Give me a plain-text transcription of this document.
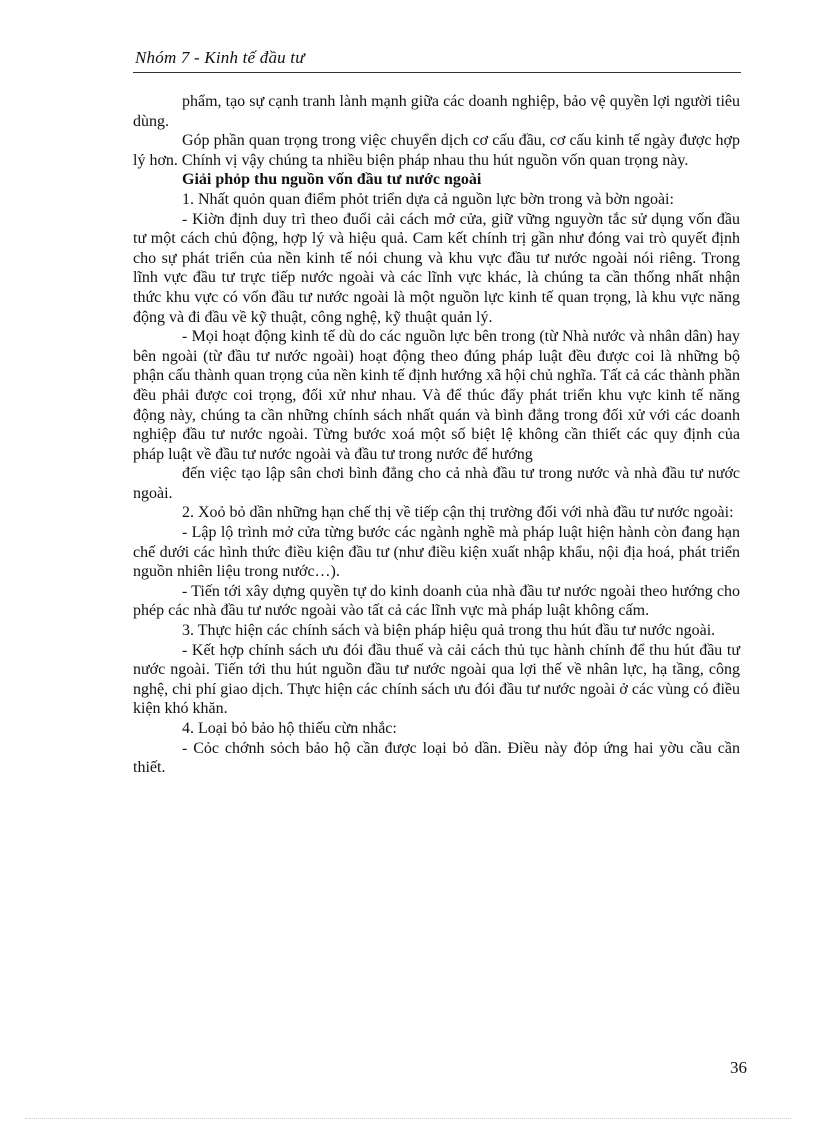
Nhóm 7 - Kinh tế đầu tư

phẩm, tạo sự cạnh tranh lành mạnh giữa các doanh nghiệp, bảo vệ quyền lợi người tiêu dùng.

Góp phần quan trọng trong việc chuyển dịch cơ cấu đầu, cơ cấu kinh tế ngày được hợp lý hơn. Chính vị vậy chúng ta nhiều biện pháp nhau thu hút nguồn vốn quan trọng này.

Giải phỏp thu nguồn vốn đầu tư nước ngoài

1. Nhất quỏn quan điểm phỏt triển dựa cả nguồn lực bờn trong và bờn ngoài:

- Kiờn định duy trì theo đuổi cải cách mở cửa, giữ vững nguyờn tắc sử dụng vốn đầu tư một cách chủ động, hợp lý và hiệu quả. Cam kết chính trị gần như đóng vai trò quyết định cho sự phát triển của nền kinh tế nói chung và khu vực đầu tư nước ngoài nói riêng. Trong lĩnh vực đầu tư trực tiếp nước ngoài và các lĩnh vực khác, là chúng ta cần thống nhất nhận thức khu vực có vốn đầu tư nước ngoài là một nguồn lực kinh tế quan trọng, là khu vực năng động và đi đầu về kỹ thuật, công nghệ, kỹ thuật quản lý.

- Mọi hoạt động kinh tế dù do các nguồn lực bên trong (từ Nhà nước và nhân dân) hay bên ngoài (từ đầu tư nước ngoài) hoạt động theo đúng pháp luật đều được coi là những bộ phận cấu thành quan trọng của nền kinh tế định hướng xã hội chủ nghĩa. Tất cả các thành phần đều phải được coi trọng, đối xử như nhau. Và để thúc đẩy phát triển khu vực kinh tế năng động này, chúng ta cần những chính sách nhất quán và bình đẳng trong đối xử với các doanh nghiệp đầu tư nước ngoài. Từng bước xoá một số biệt lệ không cần thiết các quy định của pháp luật về đầu tư nước ngoài và đầu tư trong nước để hướng

đến việc tạo lập sân chơi bình đẳng cho cả nhà đầu tư trong nước và nhà đầu tư nước ngoài.

2. Xoỏ bỏ dần những hạn chế thị về tiếp cận thị trường đối với nhà đầu tư nước ngoài:

- Lập lộ trình mở cửa từng bước các ngành nghề mà pháp luật hiện hành còn đang hạn chế dưới các hình thức điều kiện đầu tư (như điều kiện xuất nhập khẩu, nội địa hoá, phát triển nguồn nhiên liệu trong nước…).

- Tiến tới xây dựng quyền tự do kinh doanh của nhà đầu tư nước ngoài theo hướng cho phép các nhà đầu tư nước ngoài vào tất cả các lĩnh vực mà pháp luật không cấm.

3. Thực hiện các chính sách và biện pháp hiệu quả trong thu hút đầu tư nước ngoài.

- Kết hợp chính sách ưu đói đầu thuế và cải cách thủ tục hành chính để thu hút đầu tư nước ngoài. Tiến tới thu hút nguồn đầu tư nước ngoài qua lợi thế về nhân lực, hạ tầng, công nghệ, chi phí giao dịch. Thực hiện các chính sách ưu đói đầu tư nước ngoài ở các vùng có điều kiện khó khăn.

4. Loại bỏ bảo hộ thiếu cừn nhắc:

- Cỏc chớnh sỏch bảo hộ cần được loại bỏ dần. Điều này đỏp ứng hai yờu cầu cần thiết.

36
